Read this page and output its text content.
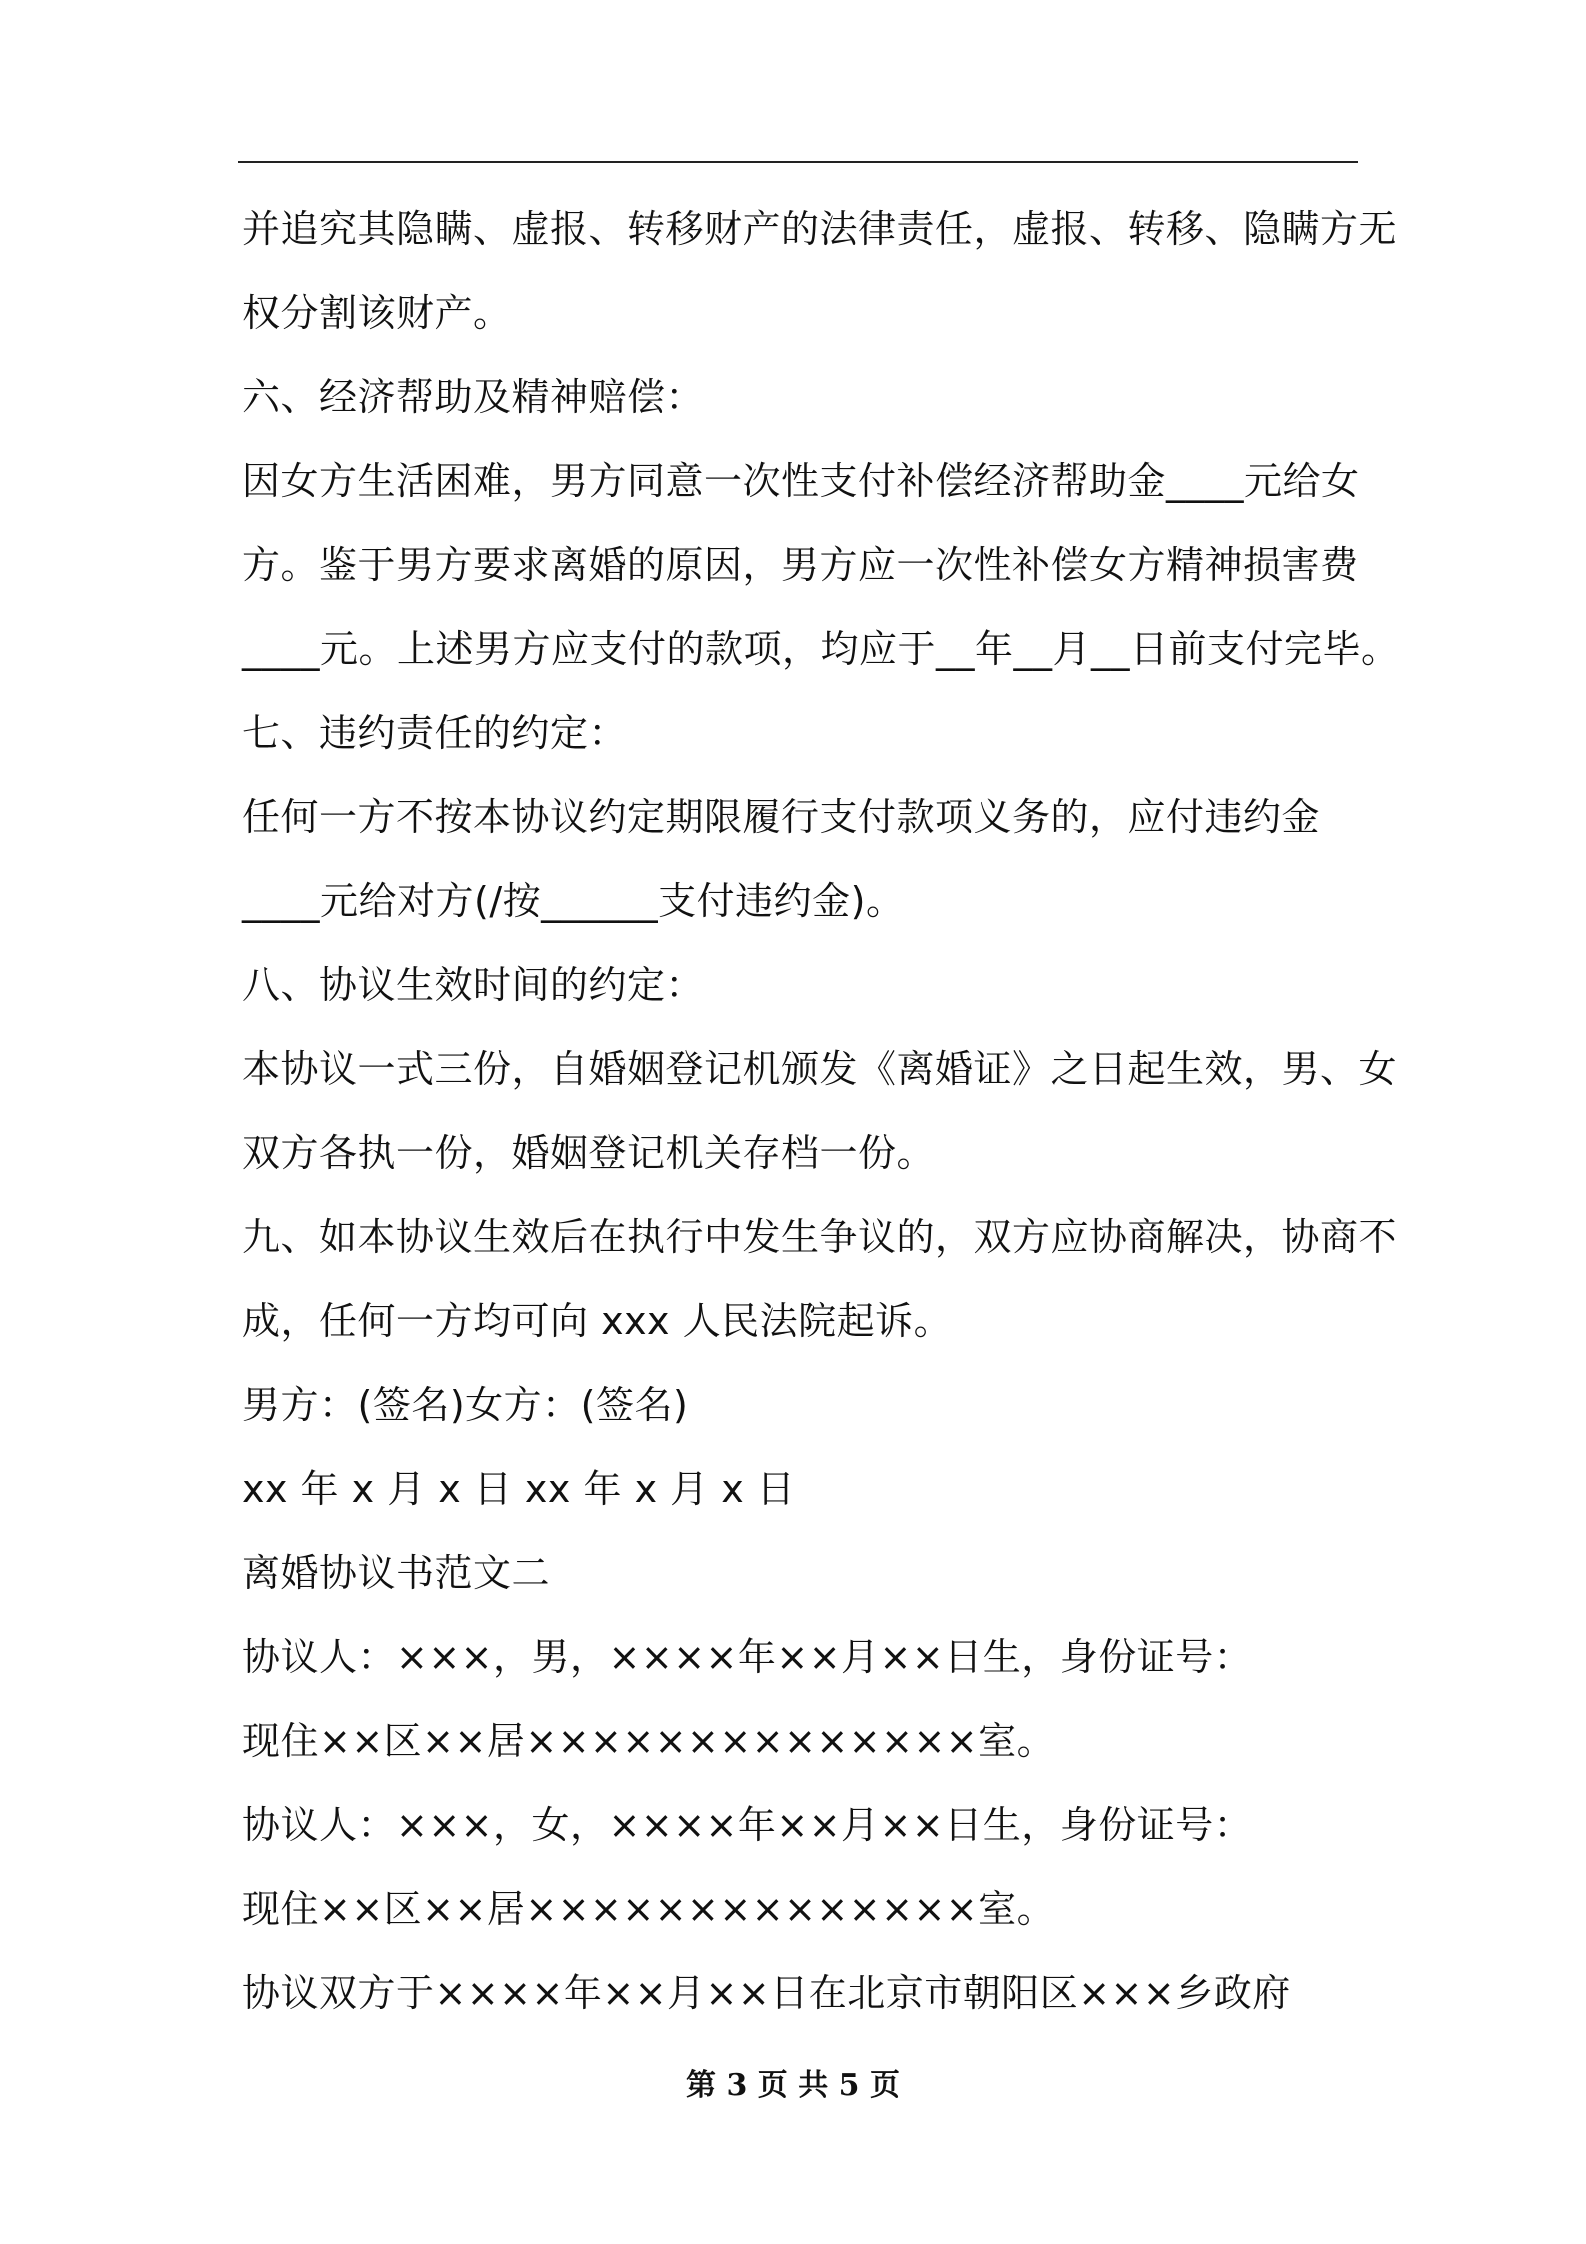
并追究其隐瞒、虚报、转移财产的法律责任，虚报、转移、隐瞒方无
权分割该财产。
六、经济帮助及精神赔偿：
因女方生活困难，男方同意一次性支付补偿经济帮助金____元给女
方。鉴于男方要求离婚的原因，男方应一次性补偿女方精神损害费
____元。上述男方应支付的款项，均应于__年__月__日前支付完毕。
七、违约责任的约定：
任何一方不按本协议约定期限履行支付款项义务的，应付违约金
____元给对方(/按______支付违约金)。
八、协议生效时间的约定：
本协议一式三份，自婚姻登记机颁发《离婚证》之日起生效，男、女
双方各执一份，婚姻登记机关存档一份。
九、如本协议生效后在执行中发生争议的，双方应协商解决，协商不
成，任何一方均可向 xxx 人民法院起诉。
男方：(签名)女方：(签名)
xx 年 x 月 x 日 xx 年 x 月 x 日
离婚协议书范文二
协议人：×××，男，××××年××月××日生，身份证号：
现住××区××居××××××××××××××室。
协议人：×××，女，××××年××月××日生，身份证号：
现住××区××居××××××××××××××室。
协议双方于××××年××月××日在北京市朝阳区×××乡政府
第 3 页 共 5 页
